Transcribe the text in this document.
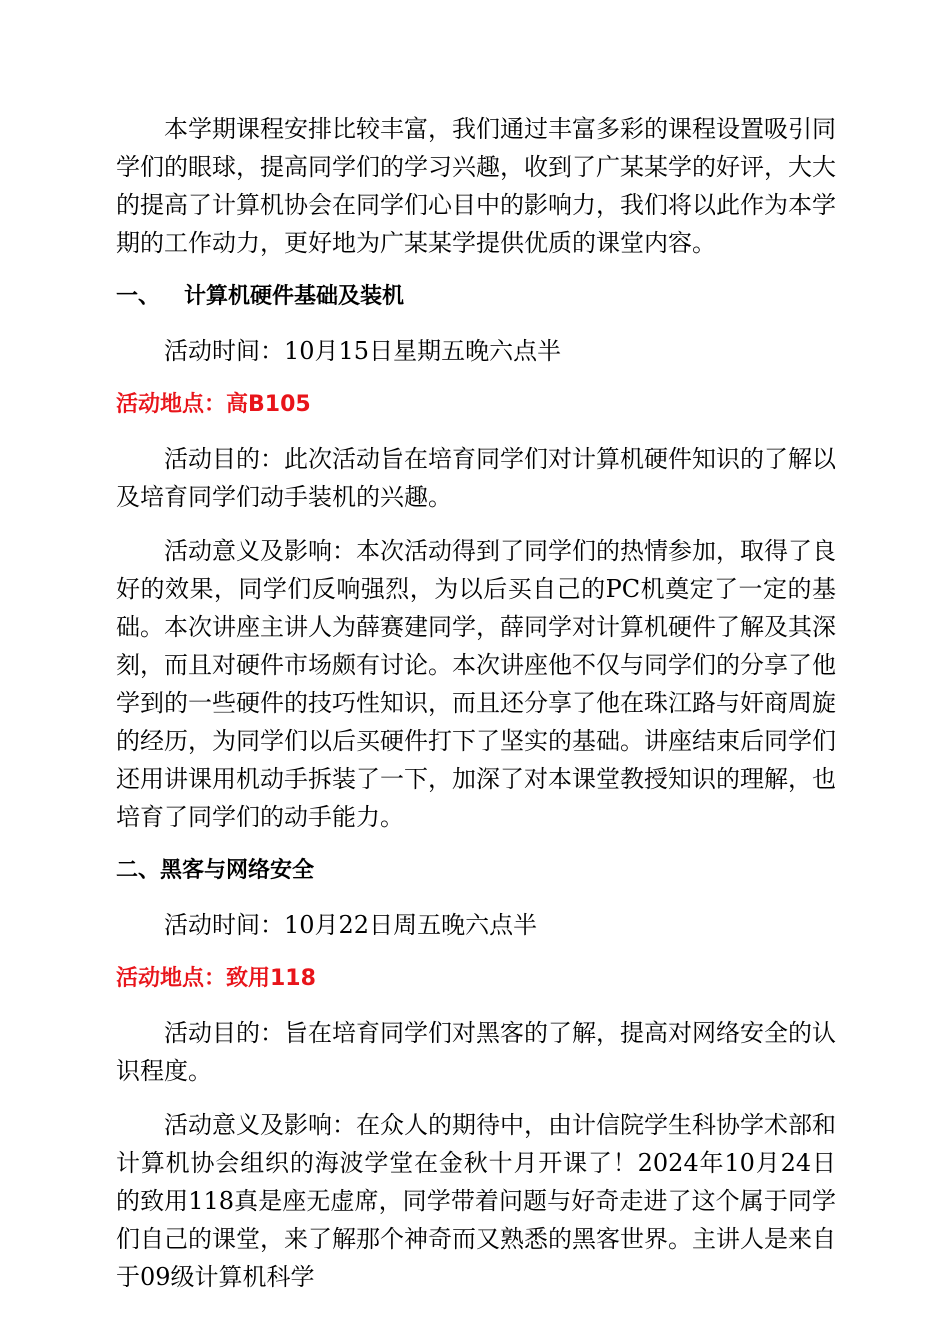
本学期课程安排比较丰富，我们通过丰富多彩的课程设置吸引同学们的眼球，提高同学们的学习兴趣，收到了广某某学的好评，大大的提高了计算机协会在同学们心目中的影响力，我们将以此作为本学期的工作动力，更好地为广某某学提供优质的课堂内容。

一、 计算机硬件基础及装机

活动时间：10月15日星期五晚六点半

活动地点：高B105

活动目的：此次活动旨在培育同学们对计算机硬件知识的了解以及培育同学们动手装机的兴趣。

活动意义及影响：本次活动得到了同学们的热情参加，取得了良好的效果，同学们反响强烈，为以后买自己的PC机奠定了一定的基础。本次讲座主讲人为薛赛建同学，薛同学对计算机硬件了解及其深刻，而且对硬件市场颇有讨论。本次讲座他不仅与同学们的分享了他学到的一些硬件的技巧性知识，而且还分享了他在珠江路与奸商周旋的经历，为同学们以后买硬件打下了坚实的基础。讲座结束后同学们还用讲课用机动手拆装了一下，加深了对本课堂教授知识的理解，也培育了同学们的动手能力。

二、黑客与网络安全

活动时间：10月22日周五晚六点半

活动地点：致用118

活动目的：旨在培育同学们对黑客的了解，提高对网络安全的认识程度。

活动意义及影响：在众人的期待中，由计信院学生科协学术部和计算机协会组织的海波学堂在金秋十月开课了！2024年10月24日的致用118真是座无虚席，同学带着问题与好奇走进了这个属于同学们自己的课堂，来了解那个神奇而又熟悉的黑客世界。主讲人是来自于09级计算机科学
